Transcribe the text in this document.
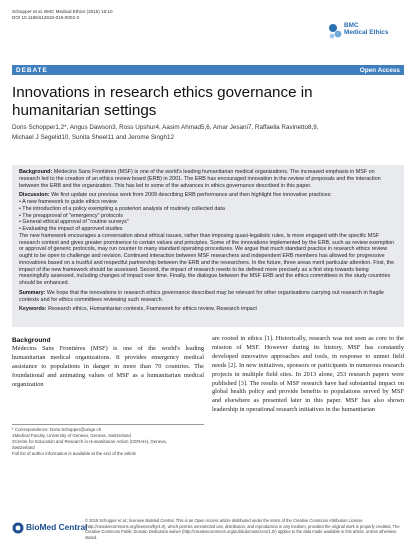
Schopper et al. BMC Medical Ethics (2015) 16:10
DOI 10.1186/s12910-015-0002-3
BMC
Medical Ethics
DEBATE	Open Access
Innovations in research ethics governance in
humanitarian settings
Doris Schopper1,2*, Angus Dawson3, Ross Upshur4, Aasim Ahmad5,6, Amar Jesani7, Raffaella Ravinetto8,9,
Michael J Segelid10, Sunita Sheel11 and Jerome Singh12

Background: Médecins Sans Frontières (MSF) is one of the world's leading humanitarian medical organizations. The increased emphasis in MSF on research led to the creation of an ethics review board (ERB) in 2001. The ERB has encouraged innovation in the review of proposals and the interaction between the ERB and the organization. This has led to some of the advances in ethics governance described in this paper.

Discussion: We first update our previous work from 2009 describing ERB performance and then highlight five innovative practices:
• A new framework to guide ethics review
• The introduction of a policy exempting a posteriori analysis of routinely collected data
• The preapproval of "emergency" protocols
• General ethical approval of "routine surveys"
• Evaluating the impact of approved studies

The new framework encourages a conversation about ethical issues, rather than imposing quasi-legalistic rules, is more engaged with the specific MSF research context and gives greater prominence to certain values and principles. Some of the innovations implemented by the ERB, such as review exemption or approval of generic protocols, may run counter to many standard operating procedures. We argue that much standard practice in research ethics review ought to be open to challenge and revision. Continued interaction between MSF researchers and independent ERB members has allowed for progressive innovations based on a trustful and respectful partnership between the ERB and the researchers. In the future, three areas merit particular attention. First, the impact of the new framework should be assessed. Second, the impact of research needs to be defined more precisely as a first step towards being meaningfully assessed, including changes of impact over time. Finally, the dialogue between the MSF ERB and the ethics committees in the study countries should be enhanced.

Summary: We hope that the innovations in research ethics governance described may be relevant for other organisations carrying out research in fragile contexts and for ethics committees reviewing such research.

Keywords: Research ethics, Humanitarian contexts, Framework for ethics review, Research impact

Background

Médecins Sans Frontières (MSF) is one of the world's leading humanitarian medical organizations. It provides emergency medical assistance to populations in danger in more than 70 countries. The foundational and animating values of MSF as a humanitarian medical organization

are rooted in ethics [1]. Historically, research was not seen as core to the mission of MSF. However during its history, MSF has constantly developed innovative approaches and tools, in response to unmet field needs [2]. In new initiatives, sponsors or participants in numerous research projects in multiple field sites. In 2013 alone, 253 research papers were published [3]. The results of MSF research have had substantial impact on global health policy and provide benefits to populations served by MSF and elsewhere as presented later in this paper. MSF has also shown leadership in operational research initiatives in the humanitarian

* Correspondence: Doris.Schopper@unige.ch
1Medical Faculty, University of Geneva, Geneva, Switzerland
2Centre for Education and Research in Humanitarian Action (CERAH), Geneva,
Switzerland
Full list of author information is available at the end of the article
BioMed Central
© 2015 Schopper et al.; licensee BioMed Central. This is an Open Access article distributed under the terms of the Creative Commons Attribution License (http://creativecommons.org/licenses/by/4.0), which permits unrestricted use, distribution, and reproduction in any medium, provided the original work is properly credited. The Creative Commons Public Domain Dedication waiver (http://creativecommons.org/publicdomain/zero/1.0/) applies to the data made available in this article, unless otherwise stated.
